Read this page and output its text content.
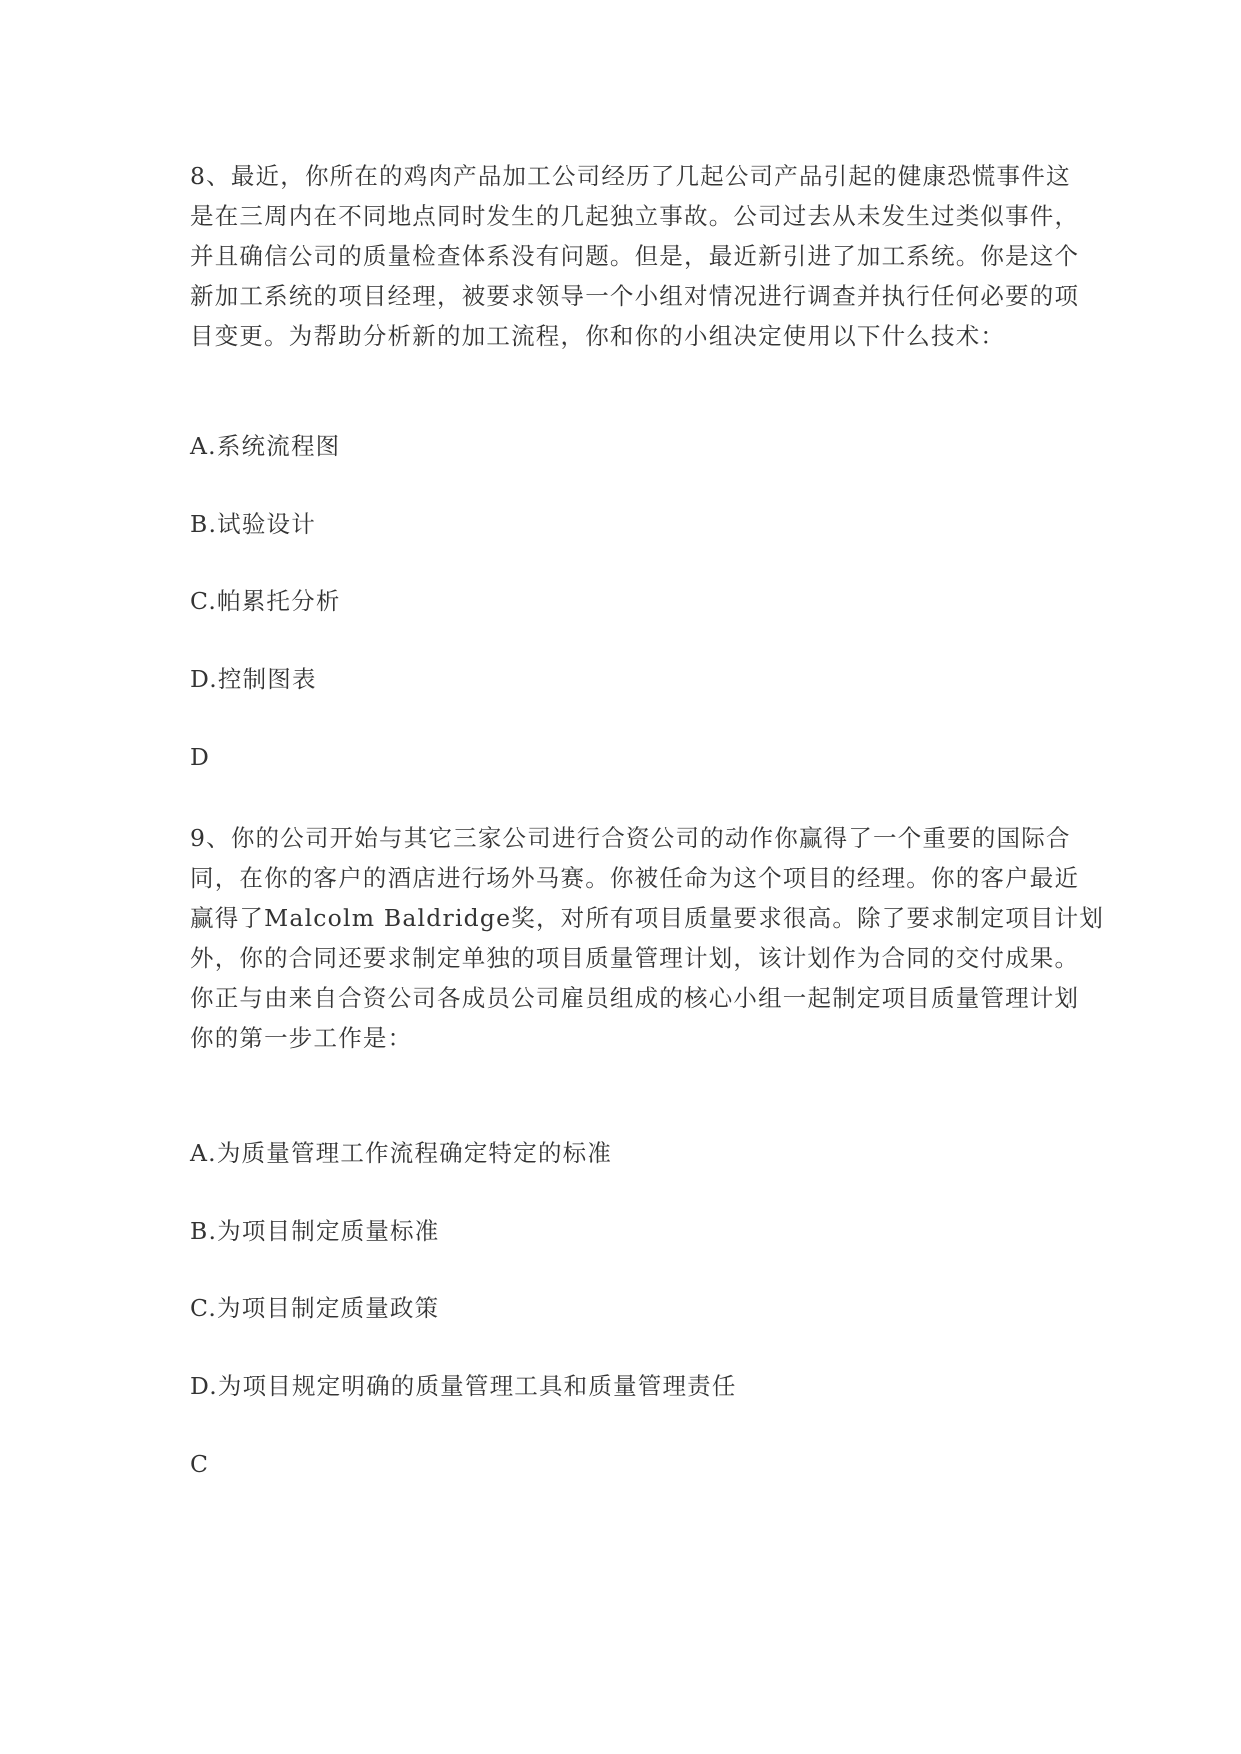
8、最近，你所在的鸡肉产品加工公司经历了几起公司产品引起的健康恐慌事件这
是在三周内在不同地点同时发生的几起独立事故。公司过去从未发生过类似事件，
并且确信公司的质量检查体系没有问题。但是，最近新引进了加工系统。你是这个
新加工系统的项目经理，被要求领导一个小组对情况进行调查并执行任何必要的项
目变更。为帮助分析新的加工流程，你和你的小组决定使用以下什么技术：

A.系统流程图

B.试验设计

C.帕累托分析

D.控制图表

D

9、你的公司开始与其它三家公司进行合资公司的动作你赢得了一个重要的国际合
同，在你的客户的酒店进行场外马赛。你被任命为这个项目的经理。你的客户最近
赢得了Malcolm Baldridge奖，对所有项目质量要求很高。除了要求制定项目计划
外，你的合同还要求制定单独的项目质量管理计划，该计划作为合同的交付成果。
你正与由来自合资公司各成员公司雇员组成的核心小组一起制定项目质量管理计划
你的第一步工作是：

A.为质量管理工作流程确定特定的标准

B.为项目制定质量标准

C.为项目制定质量政策

D.为项目规定明确的质量管理工具和质量管理责任

C
